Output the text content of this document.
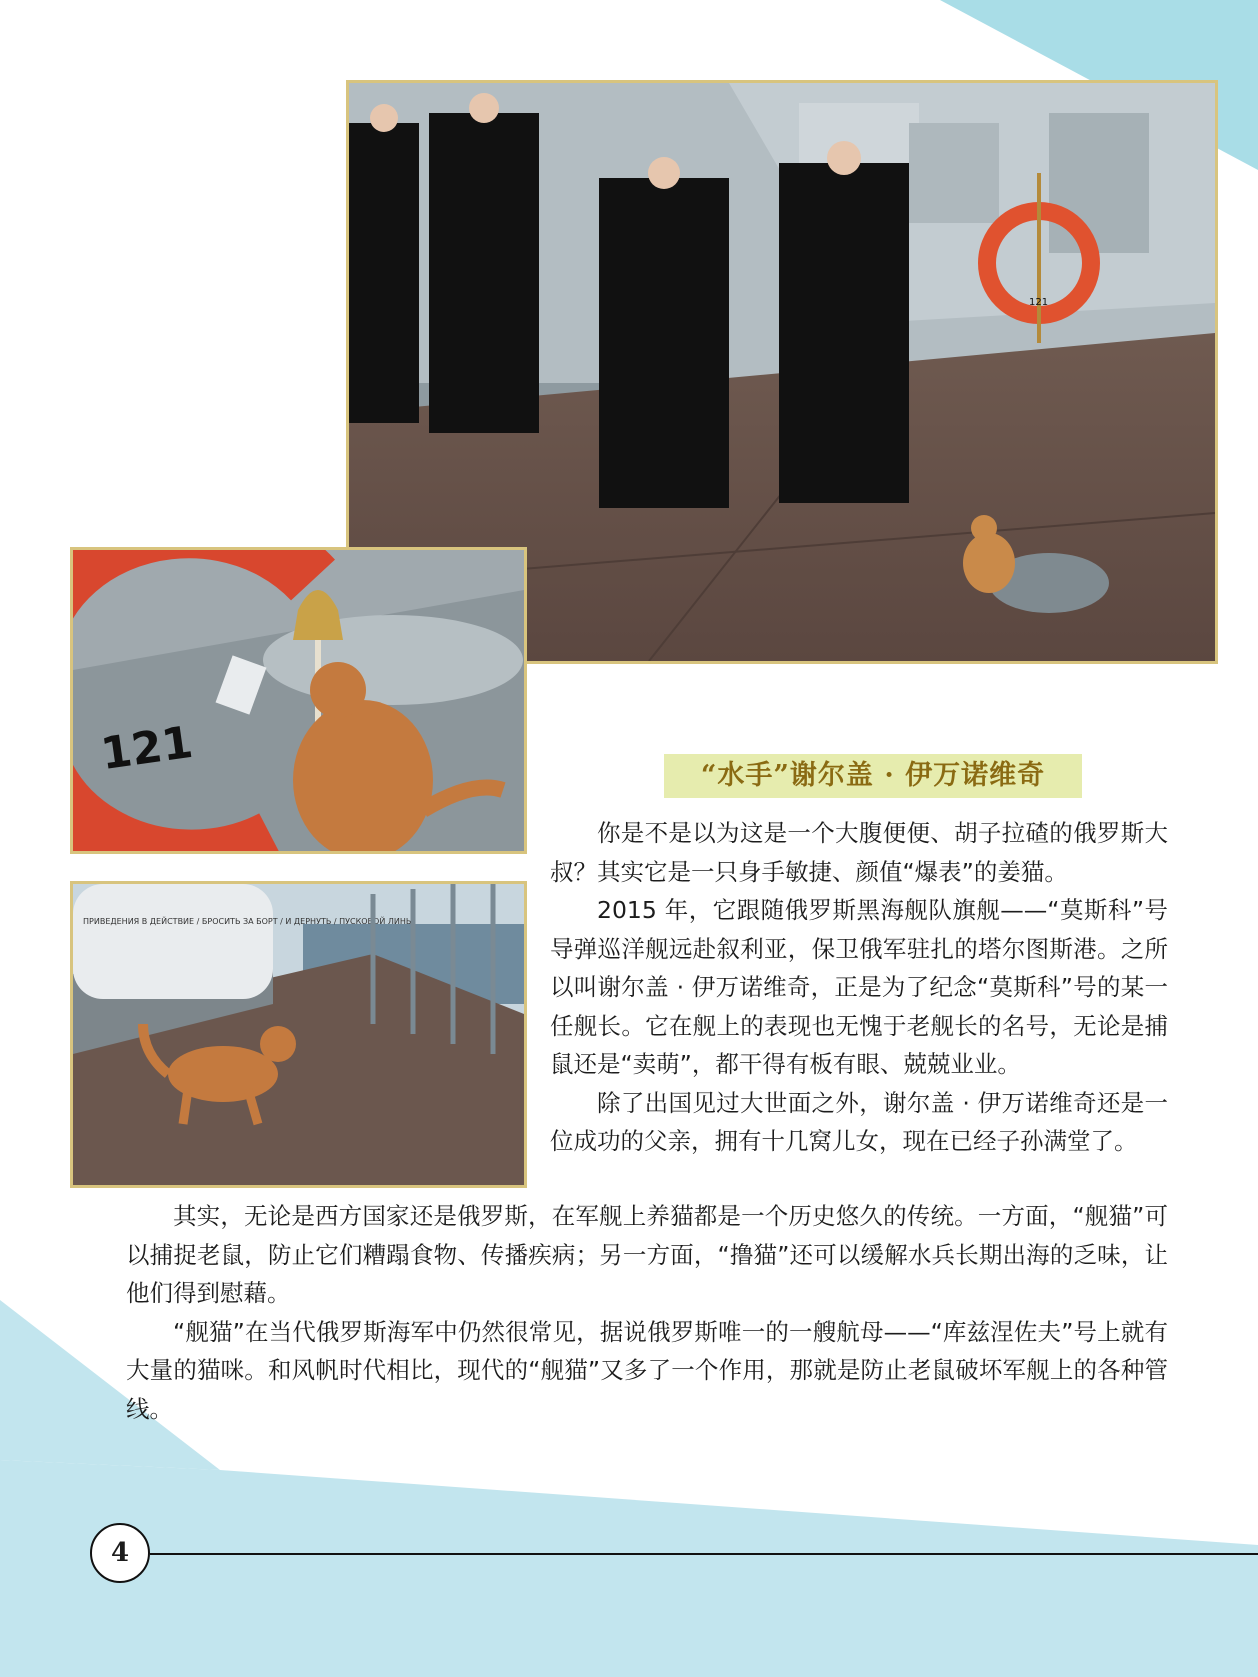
121
121
ПРИВЕДЕНИЯ В ДЕЙСТВИЕ / БРОСИТЬ ЗА БОРТ / И ДЕРНУТЬ / ПУСКОВОЙ ЛИНЬ
“水手”谢尔盖 · 伊万诺维奇

你是不是以为这是一个大腹便便、胡子拉碴的俄罗斯大叔？其实它是一只身手敏捷、颜值“爆表”的姜猫。

2015 年，它跟随俄罗斯黑海舰队旗舰——“莫斯科”号导弹巡洋舰远赴叙利亚，保卫俄军驻扎的塔尔图斯港。之所以叫谢尔盖 · 伊万诺维奇，正是为了纪念“莫斯科”号的某一任舰长。它在舰上的表现也无愧于老舰长的名号，无论是捕鼠还是“卖萌”，都干得有板有眼、兢兢业业。

除了出国见过大世面之外，谢尔盖 · 伊万诺维奇还是一位成功的父亲，拥有十几窝儿女，现在已经子孙满堂了。

其实，无论是西方国家还是俄罗斯，在军舰上养猫都是一个历史悠久的传统。一方面，“舰猫”可以捕捉老鼠，防止它们糟蹋食物、传播疾病；另一方面，“撸猫”还可以缓解水兵长期出海的乏味，让他们得到慰藉。

“舰猫”在当代俄罗斯海军中仍然很常见，据说俄罗斯唯一的一艘航母——“库兹涅佐夫”号上就有大量的猫咪。和风帆时代相比，现代的“舰猫”又多了一个作用，那就是防止老鼠破坏军舰上的各种管线。

4
